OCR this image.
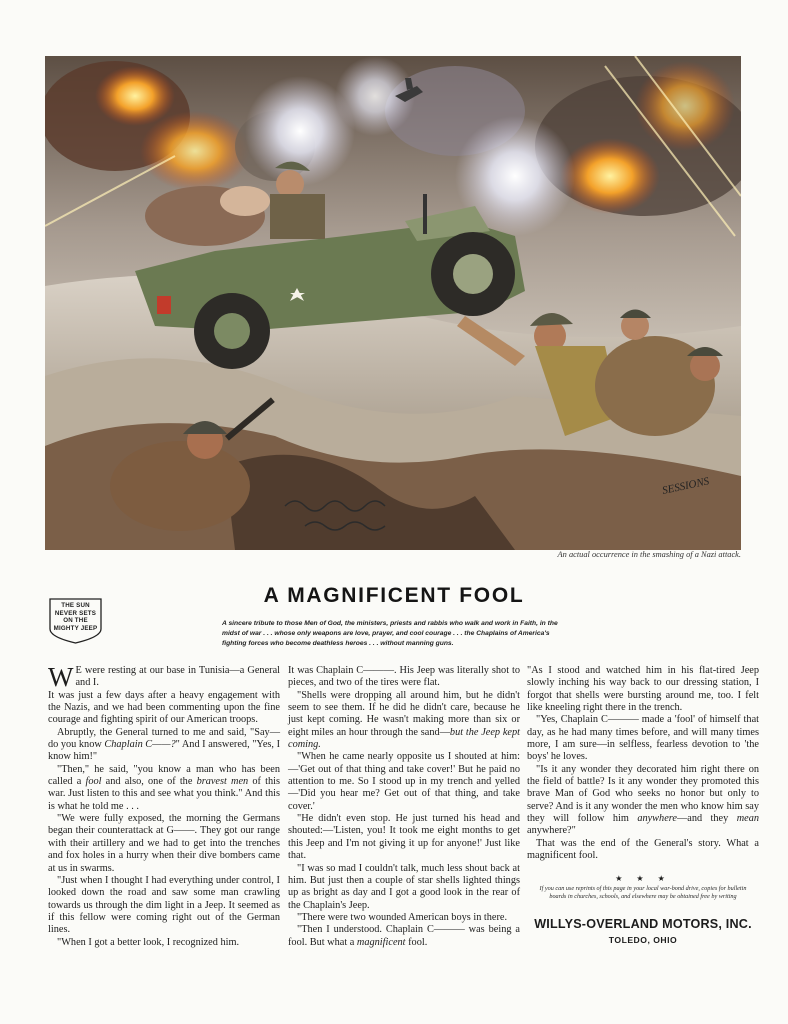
SESSIONS
An actual occurrence in the smashing of a Nazi attack.
THE SUN
NEVER SETS
ON THE
MIGHTY JEEP
A MAGNIFICENT FOOL
A sincere tribute to those Men of God, the ministers, priests and rabbis who walk and work in Faith, in the midst of war . . . whose only weapons are love, prayer, and cool courage . . . the Chaplains of America's fighting forces who become deathless heroes . . . without manning guns.

W E were resting at our base in Tunisia—a General and I.

It was just a few days after a heavy engagement with the Nazis, and we had been commenting upon the fine courage and fighting spirit of our American troops.

Abruptly, the General turned to me and said, "Say—do you know Chaplain C——?" And I answered, "Yes, I know him!"

"Then," he said, "you know a man who has been called a fool and also, one of the bravest men of this war. Just listen to this and see what you think." And this is what he told me . . .

"We were fully exposed, the morning the Germans began their counterattack at G——. They got our range with their artillery and we had to get into the trenches and fox holes in a hurry when their dive bombers came at us in swarms.

"Just when I thought I had everything under control, I looked down the road and saw some man crawling towards us through the dim light in a Jeep. It seemed as if this fellow were coming right out of the German lines.

"When I got a better look, I recognized him.

It was Chaplain C———. His Jeep was literally shot to pieces, and two of the tires were flat.

"Shells were dropping all around him, but he didn't seem to see them. If he did he didn't care, because he just kept coming. He wasn't making more than six or eight miles an hour through the sand—but the Jeep kept coming.

"When he came nearly opposite us I shouted at him:—'Get out of that thing and take cover!' But he paid no attention to me. So I stood up in my trench and yelled—'Did you hear me? Get out of that thing, and take cover.'

"He didn't even stop. He just turned his head and shouted:—'Listen, you! It took me eight months to get this Jeep and I'm not giving it up for anyone!' Just like that.

"I was so mad I couldn't talk, much less shout back at him. But just then a couple of star shells lighted things up as bright as day and I got a good look in the rear of the Chaplain's Jeep.

"There were two wounded American boys in there.

"Then I understood. Chaplain C——— was being a fool. But what a magnificent fool.

"As I stood and watched him in his flat-tired Jeep slowly inching his way back to our dressing station, I forgot that shells were bursting around me, too. I felt like kneeling right there in the trench.

"Yes, Chaplain C——— made a 'fool' of himself that day, as he had many times before, and will many times more, I am sure—in selfless, fearless devotion to 'the boys' he loves.

"Is it any wonder they decorated him right there on the field of battle? Is it any wonder they promoted this brave Man of God who seeks no honor but only to serve? And is it any wonder the men who know him say they will follow him anywhere—and they mean anywhere?"

That was the end of the General's story. What a magnificent fool.

★ ★ ★
If you can use reprints of this page in your local war-bond drive, copies for bulletin boards in churches, schools, and elsewhere may be obtained free by writing
WILLYS-OVERLAND MOTORS, INC.
TOLEDO, OHIO
